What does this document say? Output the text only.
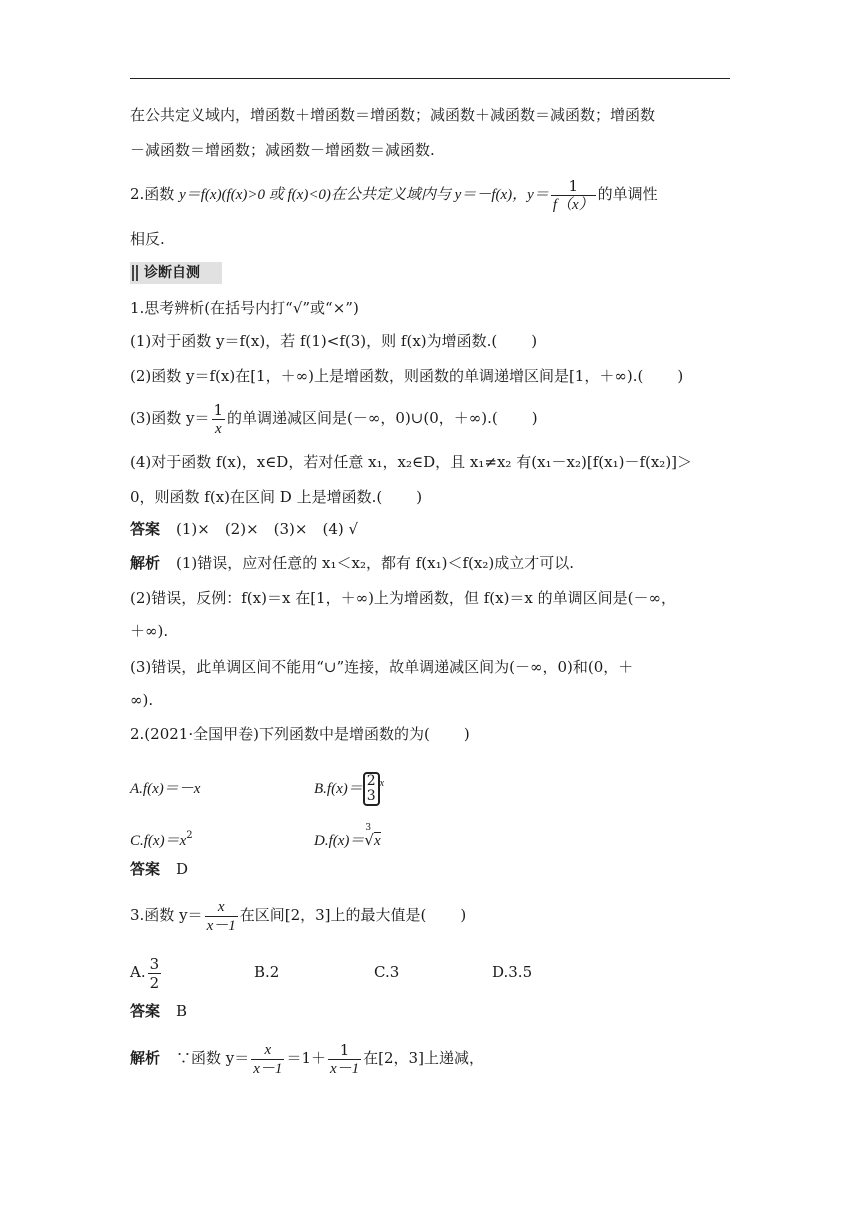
在公共定义域内，增函数＋增函数＝增函数；减函数＋减函数＝减函数；增函数
－减函数＝增函数；减函数－增函数＝减函数.
2.函数 y＝f(x)(f(x)>0 或 f(x)<0)在公共定义域内与 y＝－f(x)，$y= \frac{1}{f(x)}$ 的单调性
相反.
诊断自测
1.思考辨析(在括号内打“√”或“×”)
(1)对于函数 y＝f(x)，若 f(1)<f(3)，则 f(x)为增函数.( )
(2)函数 y＝f(x)在[1，＋∞)上是增函数，则函数的单调递增区间是[1，＋∞).( )
(3)函数 $y= \frac{1}{x}$ 的单调递减区间是(－∞，0)∪(0，＋∞).( )
(4)对于函数 f(x)，x∈D，若对任意 x₁，x₂∈D，且 x₁≠x₂ 有(x₁－x₂)[f(x₁)－f(x₂)]＞
0，则函数 f(x)在区间 D 上是增函数.( )
答案 (1)×　(2)×　(3)×　(4) √
解析 (1)错误，应对任意的 x₁＜x₂，都有 f(x₁)＜f(x₂)成立才可以.
(2)错误，反例：f(x)＝x 在[1，＋∞)上为增函数，但 f(x)＝x 的单调区间是(－∞，
＋∞).
(3)错误，此单调区间不能用“∪”连接，故单调递减区间为(－∞，0)和(0，＋
∞).
2.(2021·全国甲卷)下列函数中是增函数的为( )
A.f(x)＝－x	B.f(x)＝ 2
3
$^x$
$C.f(x)=x^2$	D.f(x)＝
3
√x
答案 D
3.函数 $y= \frac{x}{x-1}$ 在区间[2，3]上的最大值是( )
A. $\frac{3}{2}$	B.2	C.3	D.3.5
答案 B
解析 ∵函数 $y= \frac{x}{x-1} =1+ \frac{1}{x-1}$ 在[2，3]上递减，
